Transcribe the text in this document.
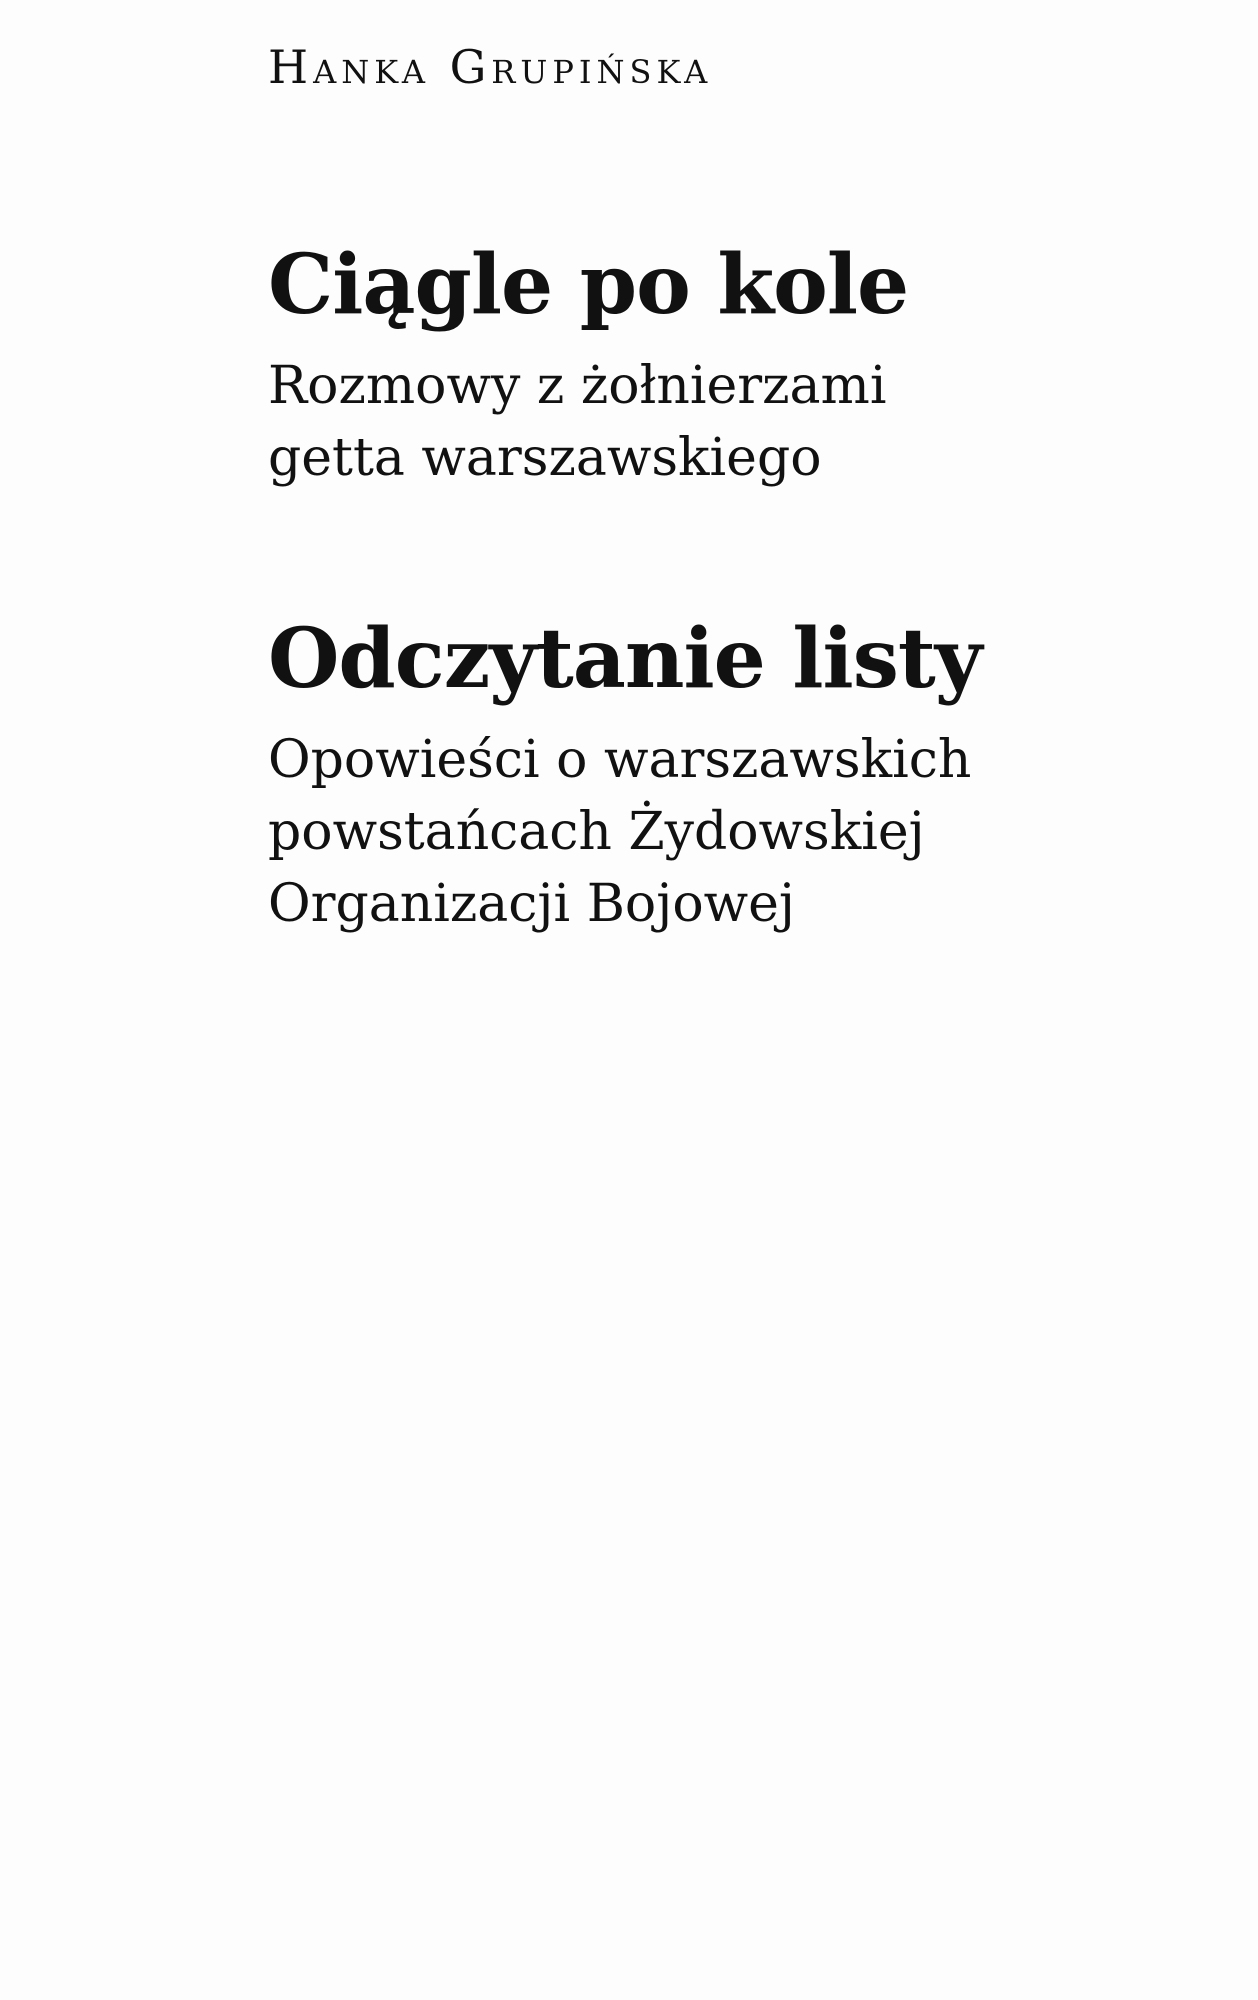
Hanka Grupińska
Ciągle po kole

Rozmowy z żołnierzami
getta warszawskiego

Odczytanie listy

Opowieści o warszawskich
powstańcach Żydowskiej
Organizacji Bojowej
